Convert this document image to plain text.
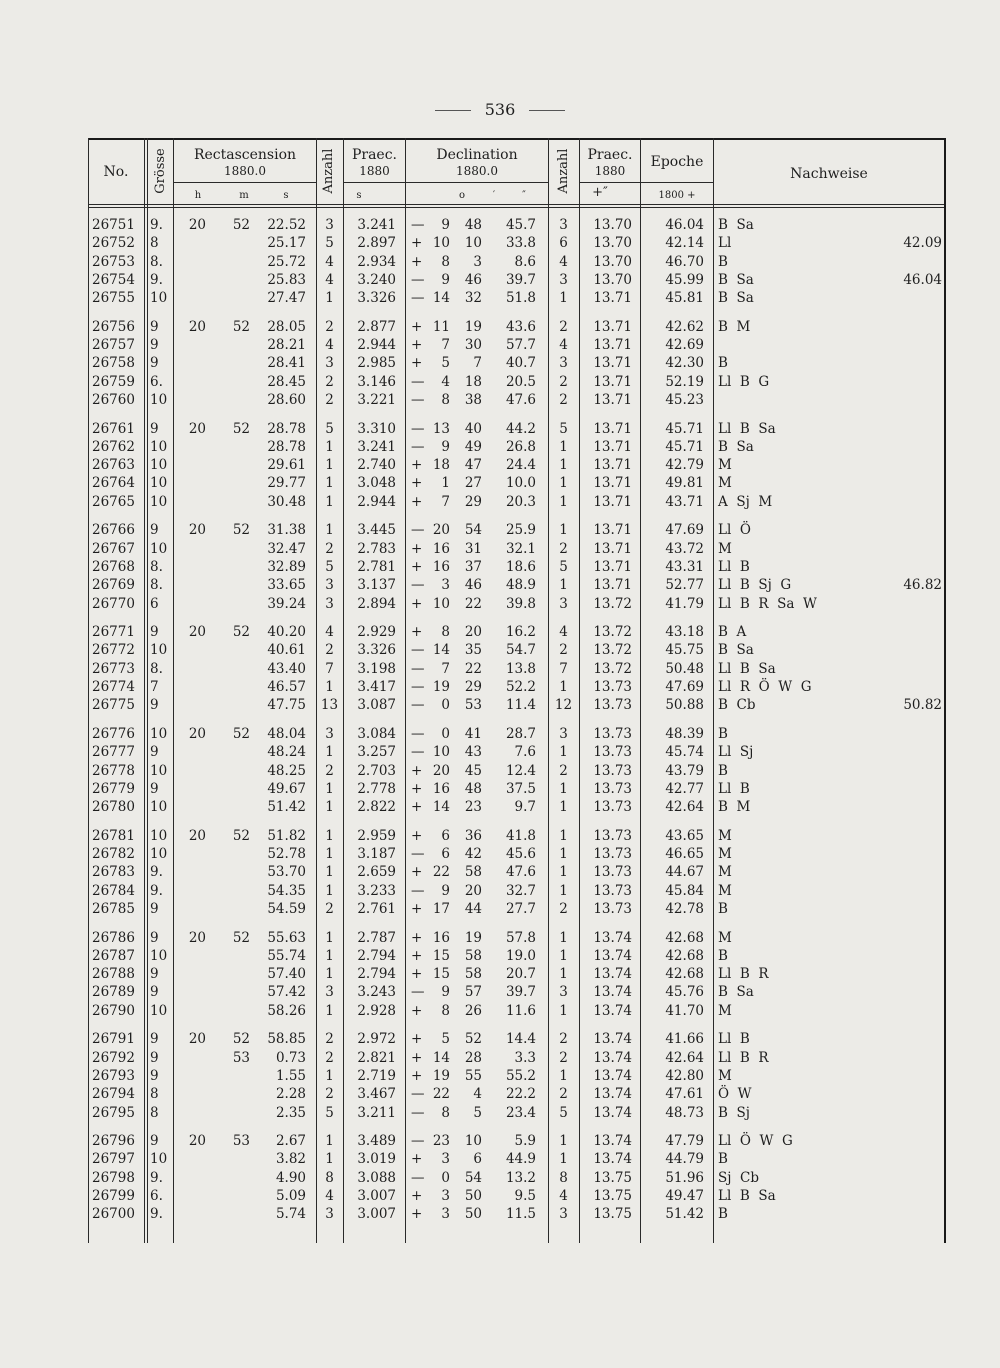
536
No.	Grösse	Rectascension
1880.0
h	m	s
Anzahl	Praec.
1880
s
Declination
1880.0
o	′	″
Anzahl	Praec.
1880
+″
Epoche
1800 +
Nachweise
26751	9.	20	52	22.52	3	3.241 —	9	48	45.7	3	13.70	46.04 B  Sa
26752	8	25.17	5	2.897 + 10	10	33.8	6	13.70	42.14 Ll	42.09
26753	8.	25.72	4	2.934 +	8	3	8.6	4	13.70	46.70 B
26754	9.	25.83	4	3.240 —	9	46	39.7	3	13.70	45.99 B  Sa	46.04
26755	10	27.47	1	3.326 — 14	32	51.8	1	13.71	45.81 B  Sa
26756	9	20	52	28.05	2	2.877 + 11	19	43.6	2	13.71	42.62 B  M
26757	9	28.21	4	2.944 +	7	30	57.7	4	13.71	42.69
26758	9	28.41	3	2.985 +	5	7	40.7	3	13.71	42.30 B
26759	6.	28.45	2	3.146 —	4	18	20.5	2	13.71	52.19 Ll  B  G
26760	10	28.60	2	3.221 —	8	38	47.6	2	13.71	45.23
26761	9	20	52	28.78	5	3.310 — 13	40	44.2	5	13.71	45.71 Ll  B  Sa
26762	10	28.78	1	3.241 —	9	49	26.8	1	13.71	45.71 B  Sa
26763	10	29.61	1	2.740 + 18	47	24.4	1	13.71	42.79 M
26764	10	29.77	1	3.048 +	1	27	10.0	1	13.71	49.81 M
26765	10	30.48	1	2.944 +	7	29	20.3	1	13.71	43.71 A  Sj  M
26766	9	20	52	31.38	1	3.445 — 20	54	25.9	1	13.71	47.69 Ll  Ö
26767	10	32.47	2	2.783 + 16	31	32.1	2	13.71	43.72 M
26768	8.	32.89	5	2.781 + 16	37	18.6	5	13.71	43.31 Ll  B
26769	8.	33.65	3	3.137 —	3	46	48.9	1	13.71	52.77 Ll  B  Sj  G	46.82
26770	6	39.24	3	2.894 + 10	22	39.8	3	13.72	41.79 Ll  B  R  Sa  W
26771	9	20	52	40.20	4	2.929 +	8	20	16.2	4	13.72	43.18 B  A
26772	10	40.61	2	3.326 — 14	35	54.7	2	13.72	45.75 B  Sa
26773	8.	43.40	7	3.198 —	7	22	13.8	7	13.72	50.48 Ll  B  Sa
26774	7	46.57	1	3.417 — 19	29	52.2	1	13.73	47.69 Ll  R  Ö  W  G
26775	9	47.75	13	3.087 —	0	53	11.4	12	13.73	50.88 B  Cb	50.82
26776	10	20	52	48.04	3	3.084 —	0	41	28.7	3	13.73	48.39 B
26777	9	48.24	1	3.257 — 10	43	7.6	1	13.73	45.74 Ll  Sj
26778	10	48.25	2	2.703 + 20	45	12.4	2	13.73	43.79 B
26779	9	49.67	1	2.778 + 16	48	37.5	1	13.73	42.77 Ll  B
26780	10	51.42	1	2.822 + 14	23	9.7	1	13.73	42.64 B  M
26781	10	20	52	51.82	1	2.959 +	6	36	41.8	1	13.73	43.65 M
26782	10	52.78	1	3.187 —	6	42	45.6	1	13.73	46.65 M
26783	9.	53.70	1	2.659 + 22	58	47.6	1	13.73	44.67 M
26784	9.	54.35	1	3.233 —	9	20	32.7	1	13.73	45.84 M
26785	9	54.59	2	2.761 + 17	44	27.7	2	13.73	42.78 B
26786	9	20	52	55.63	1	2.787 + 16	19	57.8	1	13.74	42.68 M
26787	10	55.74	1	2.794 + 15	58	19.0	1	13.74	42.68 B
26788	9	57.40	1	2.794 + 15	58	20.7	1	13.74	42.68 Ll  B  R
26789	9	57.42	3	3.243 —	9	57	39.7	3	13.74	45.76 B  Sa
26790	10	58.26	1	2.928 +	8	26	11.6	1	13.74	41.70 M
26791	9	20	52	58.85	2	2.972 +	5	52	14.4	2	13.74	41.66 Ll  B
26792	9	53	0.73	2	2.821 + 14	28	3.3	2	13.74	42.64 Ll  B  R
26793	9	1.55	1	2.719 + 19	55	55.2	1	13.74	42.80 M
26794	8	2.28	2	3.467 — 22	4	22.2	2	13.74	47.61 Ö  W
26795	8	2.35	5	3.211 —	8	5	23.4	5	13.74	48.73 B  Sj
26796	9	20	53	2.67	1	3.489 — 23	10	5.9	1	13.74	47.79 Ll  Ö  W  G
26797	10	3.82	1	3.019 +	3	6	44.9	1	13.74	44.79 B
26798	9.	4.90	8	3.088 —	0	54	13.2	8	13.75	51.96 Sj  Cb
26799	6.	5.09	4	3.007 +	3	50	9.5	4	13.75	49.47 Ll  B  Sa
26700	9.	5.74	3	3.007 +	3	50	11.5	3	13.75	51.42 B
